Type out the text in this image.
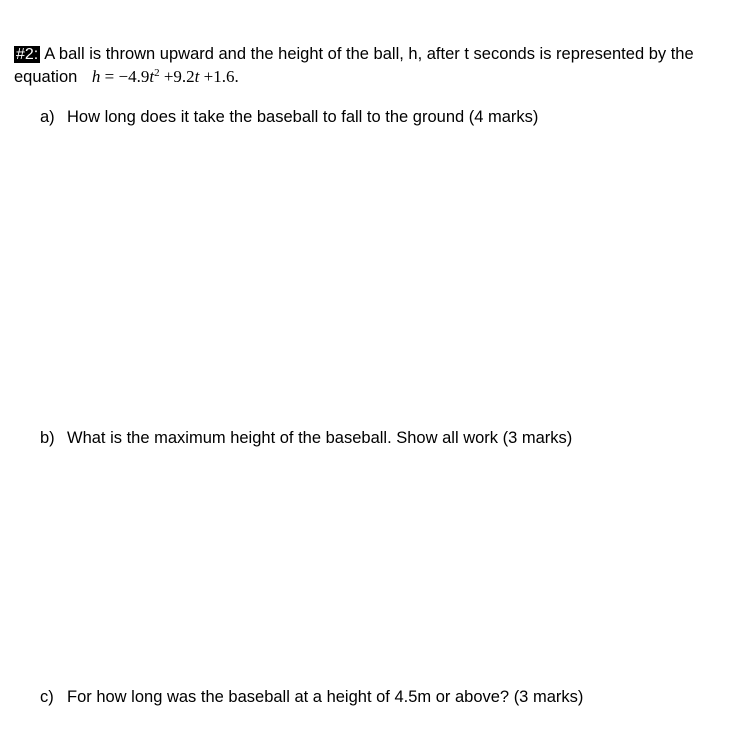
#2: A ball is thrown upward and the height of the ball, h, after t seconds is represented by the
equation $h = -4.9t^2 +9.2t +1.6$.
a) How long does it take the baseball to fall to the ground (4 marks)
b) What is the maximum height of the baseball. Show all work (3 marks)
c) For how long was the baseball at a height of 4.5m or above? (3 marks)
